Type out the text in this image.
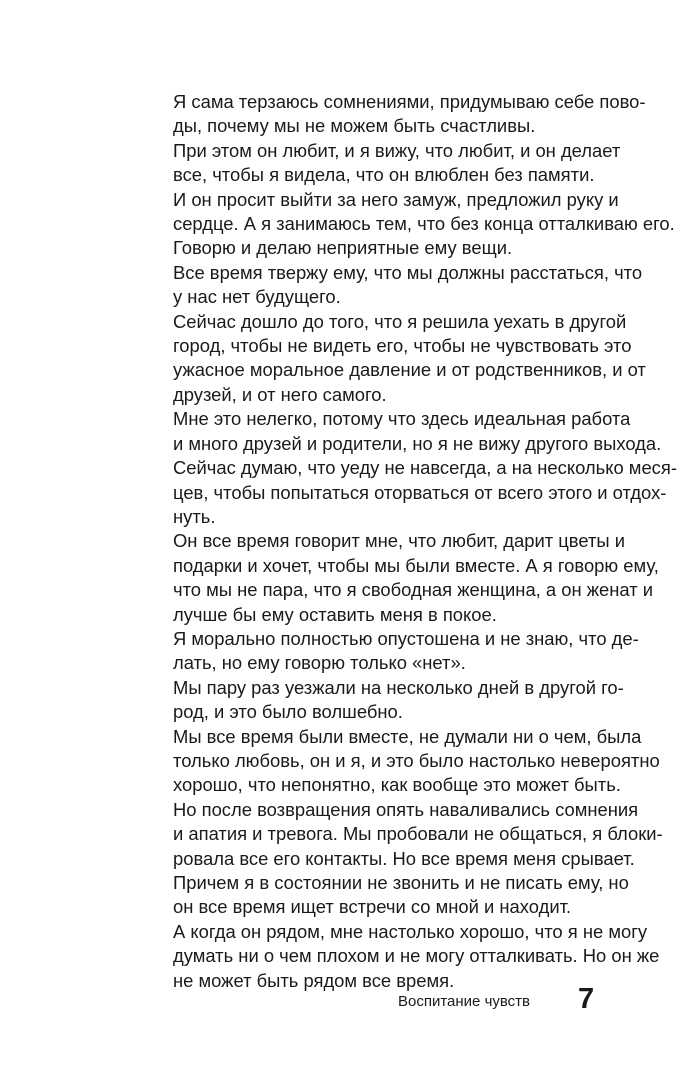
Я сама терзаюсь сомнениями, придумываю себе пово-
ды, почему мы не можем быть счастливы.

При этом он любит, и я вижу, что любит, и он делает
все, чтобы я видела, что он влюблен без памяти.

И он просит выйти за него замуж, предложил руку и
сердце. А я занимаюсь тем, что без конца отталкиваю его.
Говорю и делаю неприятные ему вещи.

Все время твержу ему, что мы должны расстаться, что
у нас нет будущего.

Сейчас дошло до того, что я решила уехать в другой
город, чтобы не видеть его, чтобы не чувствовать это
ужасное моральное давление и от родственников, и от
друзей, и от него самого.

Мне это нелегко, потому что здесь идеальная работа
и много друзей и родители, но я не вижу другого выхода.
Сейчас думаю, что уеду не навсегда, а на несколько меся-
цев, чтобы попытаться оторваться от всего этого и отдох-
нуть.

Он все время говорит мне, что любит, дарит цветы и
подарки и хочет, чтобы мы были вместе. А я говорю ему,
что мы не пара, что я свободная женщина, а он женат и
лучше бы ему оставить меня в покое.

Я морально полностью опустошена и не знаю, что де-
лать, но ему говорю только «нет».

Мы пару раз уезжали на несколько дней в другой го-
род, и это было волшебно.

Мы все время были вместе, не думали ни о чем, была
только любовь, он и я, и это было настолько невероятно
хорошо, что непонятно, как вообще это может быть.

Но после возвращения опять наваливались сомнения
и апатия и тревога. Мы пробовали не общаться, я блоки-
ровала все его контакты. Но все время меня срывает.

Причем я в состоянии не звонить и не писать ему, но
он все время ищет встречи со мной и находит.

А когда он рядом, мне настолько хорошо, что я не могу
думать ни о чем плохом и не могу отталкивать. Но он же
не может быть рядом все время.

Воспитание чувств 7
